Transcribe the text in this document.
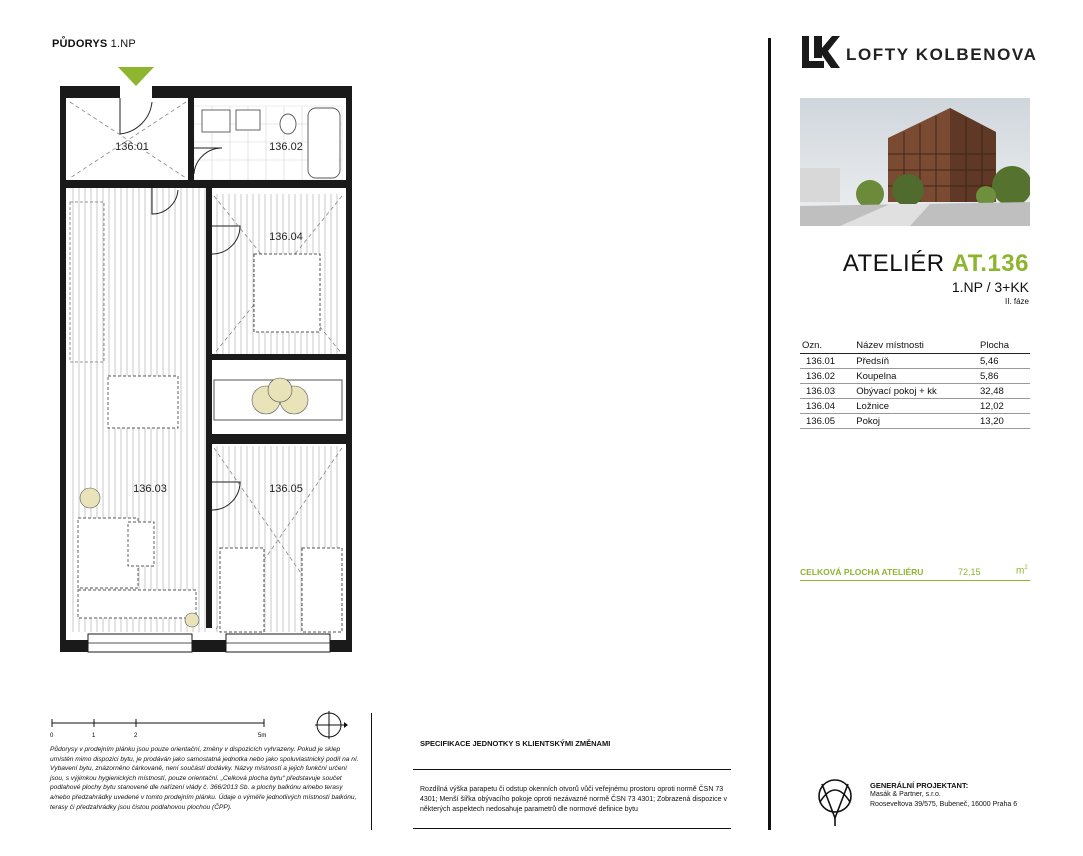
PŮDORYS 1.NP
136.01	136.02
136.03
136.04
136.05
LOFTY KOLBENOVA
ATELIÉR AT.136
1.NP / 3+KK
II. fáze
Ozn.	Název místnosti	Plocha
136.01	Předsíň	5,46
136.02	Koupelna	5,86
136.03	Obývací pokoj + kk	32,48
136.04	Ložnice	12,02
136.05	Pokoj	13,20
CELKOVÁ PLOCHA ATELIÉRU	72,15	$m^2$
0	1	2	5m
Půdorysy v prodejním plánku jsou pouze orientační, změny v dispozicích vyhrazeny. Pokud je sklep umístěn mimo dispozici bytu, je prodáván jako samostatná jednotka nebo jako spoluvlastnický podíl na ní. Vybavení bytu, znázorněno čárkovaně, není součástí dodávky. Názvy místností a jejich funkční určení jsou, s výjimkou hygienických místností, pouze orientační. „Celková plocha bytu“ představuje součet podlahové plochy bytu stanovené dle nařízení vlády č. 366/2013 Sb. a plochy balkónu a/nebo terasy a/nebo předzahrádky uvedené v tomto prodejním plánku. Údaje o výměře jednotlivých místností balkónu, terasy či předzahrádky jsou čistou podlahovou plochou (ČPP).
SPECIFIKACE JEDNOTKY S KLIENTSKÝMI ZMĚNAMI
Rozdílná výška parapetu či odstup okenních otvorů vůči veřejnému prostoru oproti normě ČSN 73 4301; Menší šířka obývacího pokoje oproti nezávazné normě ČSN 73 4301; Zobrazená dispozice v některých aspektech nedosahuje parametrů dle normové definice bytu
GENERÁLNÍ PROJEKTANT:
Masák & Partner, s.r.o.
Rooseveltova 39/575, Bubeneč, 16000 Praha 6
